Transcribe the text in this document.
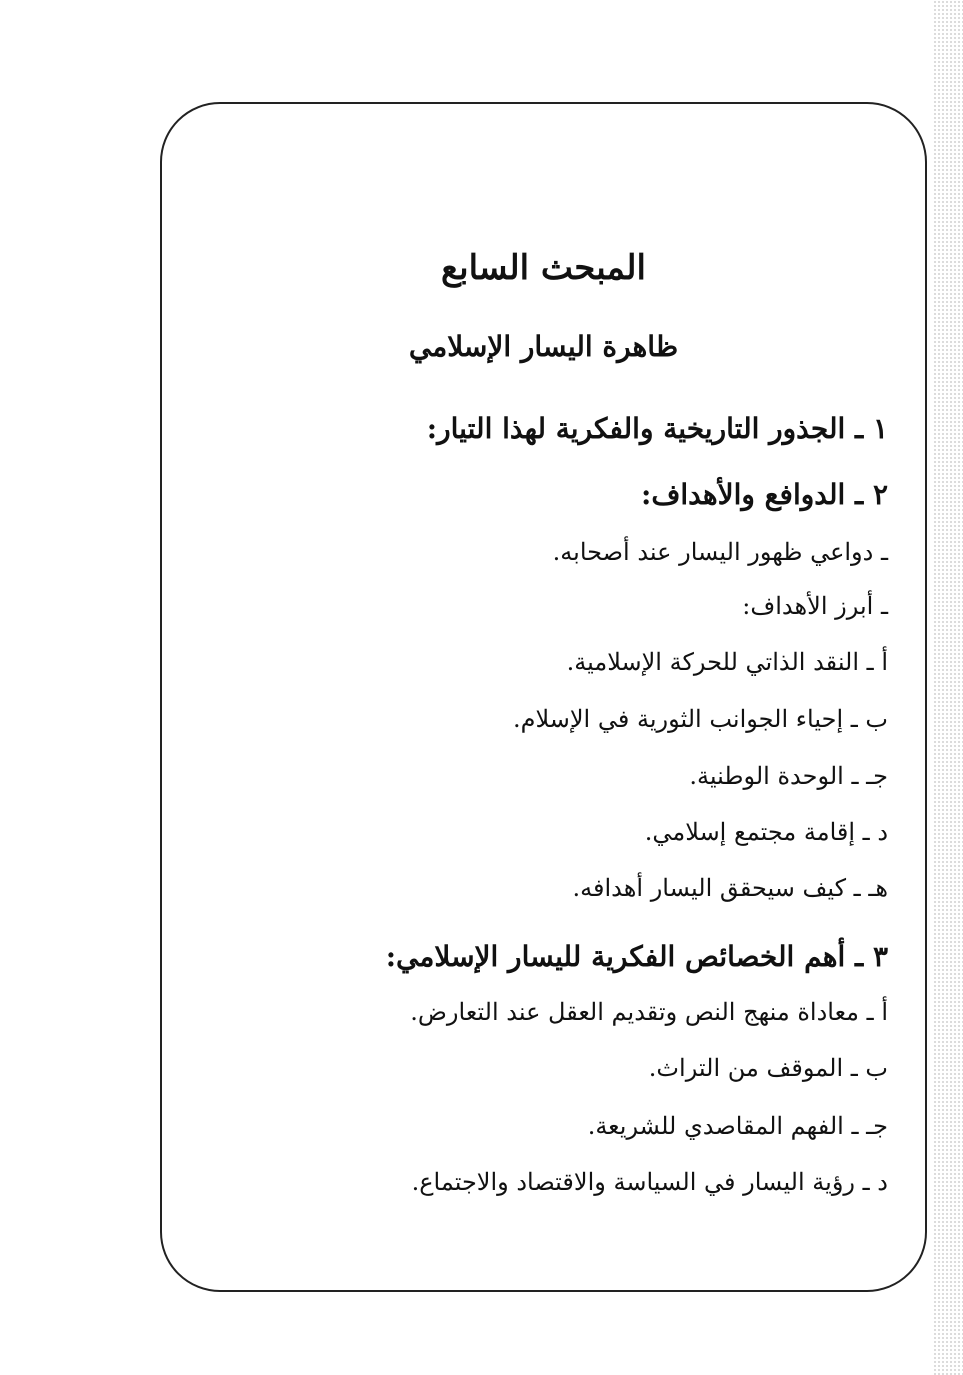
المبحث السابع
ظاهرة اليسار الإسلامي
١ ـ الجذور التاريخية والفكرية لهذا التيار:
٢ ـ الدوافع والأهداف:
ـ دواعي ظهور اليسار عند أصحابه.
ـ أبرز الأهداف:
أ ـ النقد الذاتي للحركة الإسلامية.
ب ـ إحياء الجوانب الثورية في الإسلام.
جـ ـ الوحدة الوطنية.
د ـ إقامة مجتمع إسلامي.
هـ ـ كيف سيحقق اليسار أهدافه.
٣ ـ أهم الخصائص الفكرية لليسار الإسلامي:
أ ـ معاداة منهج النص وتقديم العقل عند التعارض.
ب ـ الموقف من التراث.
جـ ـ الفهم المقاصدي للشريعة.
د ـ رؤية اليسار في السياسة والاقتصاد والاجتماع.
